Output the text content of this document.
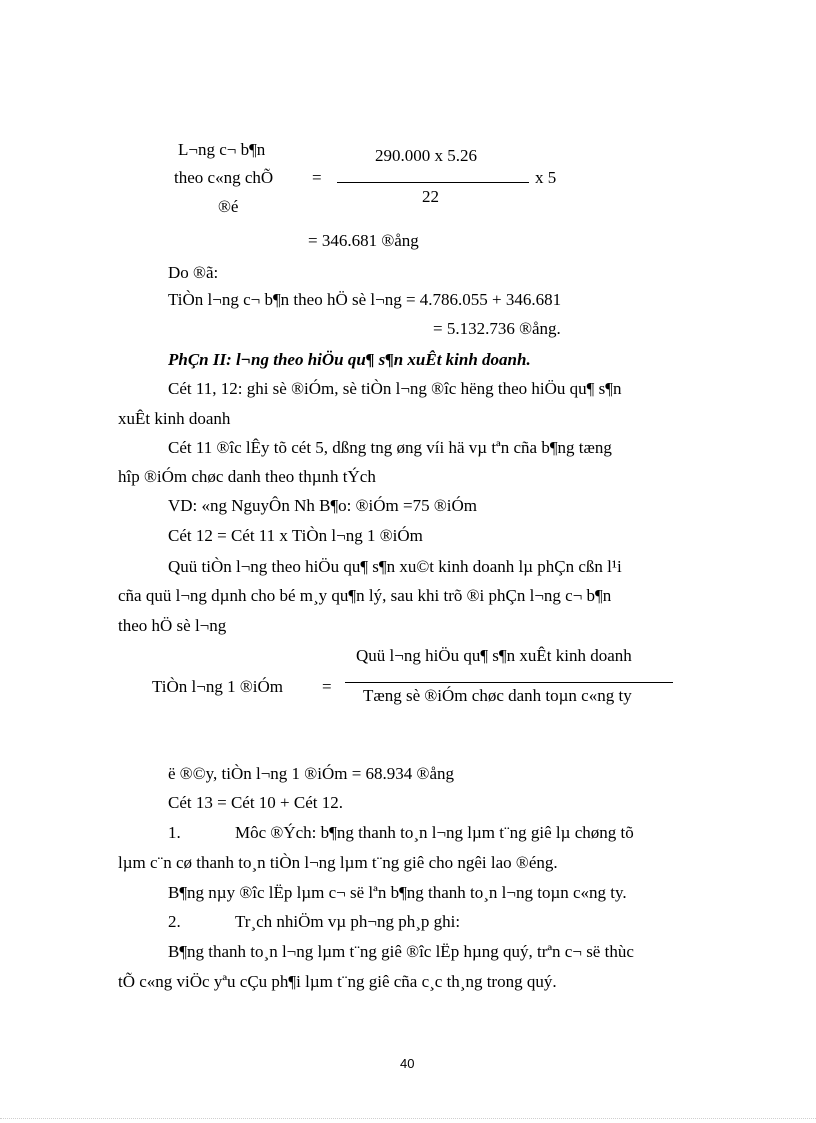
L¬ng c¬ b¶n
theo c«ng chÕ
®é
=
290.000 x 5.26
x 5
22
= 346.681 ®ång
Do ®ã:
TiÒn l¬ng c¬ b¶n theo hÖ sè l¬ng = 4.786.055 + 346.681
= 5.132.736 ®ång.
PhÇn II: l¬ng theo hiÖu qu¶ s¶n xuÊt kinh doanh.
Cét 11, 12: ghi sè ®iÓm, sè tiÒn l¬ng ®îc hëng theo hiÖu qu¶ s¶n
xuÊt kinh doanh
Cét 11 ®îc lÊy tõ cét 5, dßng tng øng víi hä vµ tªn cña b¶ng tæng
hîp ®iÓm chøc danh theo thµnh tÝch
VD: «ng NguyÔn Nh B¶o: ®iÓm =75 ®iÓm
Cét 12 = Cét 11 x TiÒn l¬ng 1 ®iÓm
Quü tiÒn l¬ng theo hiÖu qu¶ s¶n xu©t kinh doanh lµ phÇn cßn l¹i
cña quü l¬ng dµnh cho bé m¸y qu¶n lý, sau khi trõ ®i phÇn l¬ng c¬ b¶n
theo hÖ sè l¬ng
TiÒn l¬ng 1 ®iÓm =
Quü l¬ng hiÖu qu¶ s¶n xuÊt kinh doanh
Tæng sè ®iÓm chøc danh toµn c«ng ty
ë ®©y, tiÒn l¬ng 1 ®iÓm = 68.934 ®ång
Cét 13 = Cét 10 + Cét 12.
1.	Môc ®Ých: b¶ng thanh to¸n l¬ng lµm t¨ng giê lµ chøng tõ
lµm c¨n cø thanh to¸n tiÒn l¬ng lµm t¨ng giê cho ngêi lao ®éng.
B¶ng nµy ®îc lËp lµm c¬ së lªn b¶ng thanh to¸n l¬ng toµn c«ng ty.
2.	Tr¸ch nhiÖm vµ ph¬ng ph¸p ghi:
B¶ng thanh to¸n l¬ng lµm t¨ng giê ®îc lËp hµng quý, trªn c¬ së thùc
tÕ c«ng viÖc yªu cÇu ph¶i lµm t¨ng giê cña c¸c th¸ng trong quý.
40
